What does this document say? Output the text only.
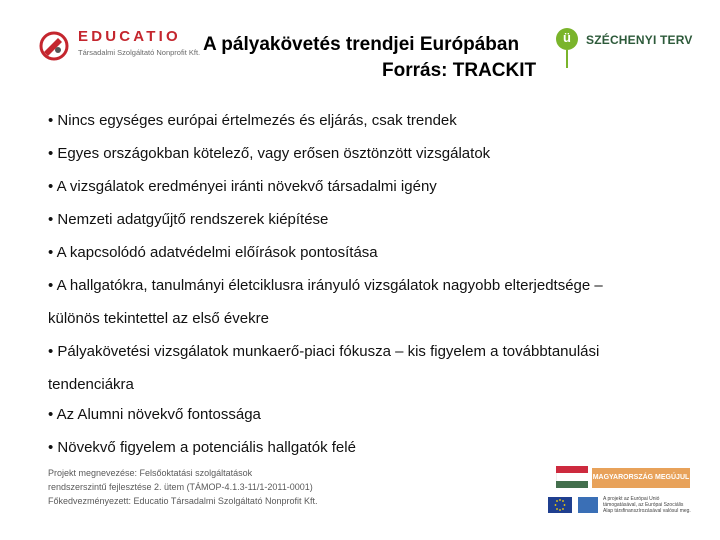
EDUCATIO
Társadalmi Szolgáltató Nonprofit Kft. A pályakövetés trendjei Európában
Forrás: TRACKIT
ü	SZÉCHENYI TERV
• Nincs egységes európai értelmezés és eljárás, csak trendek
• Egyes országokban kötelező, vagy erősen ösztönzött vizsgálatok
• A vizsgálatok eredményei iránti növekvő társadalmi igény
• Nemzeti adatgyűjtő rendszerek kiépítése
• A kapcsolódó adatvédelmi előírások pontosítása
• A hallgatókra, tanulmányi életciklusra irányuló vizsgálatok nagyobb elterjedtsége –
különös tekintettel az első évekre
• Pályakövetési vizsgálatok munkaerő-piaci fókusza – kis figyelem a továbbtanulási
tendenciákra
• Az Alumni növekvő fontossága
• Növekvő figyelem a potenciális hallgatók felé
Projekt megnevezése: Felsőoktatási szolgáltatások
rendszerszintű fejlesztése 2. ütem (TÁMOP-4.1.3-11/1-2011-0001)
Főkedvezményezett: Educatio Társadalmi Szolgáltató Nonprofit Kft.
MAGYARORSZÁG MEGÚJUL
A projekt az Európai Unió támogatásával, az Európai Szociális Alap társfinanszírozásával valósul meg.
